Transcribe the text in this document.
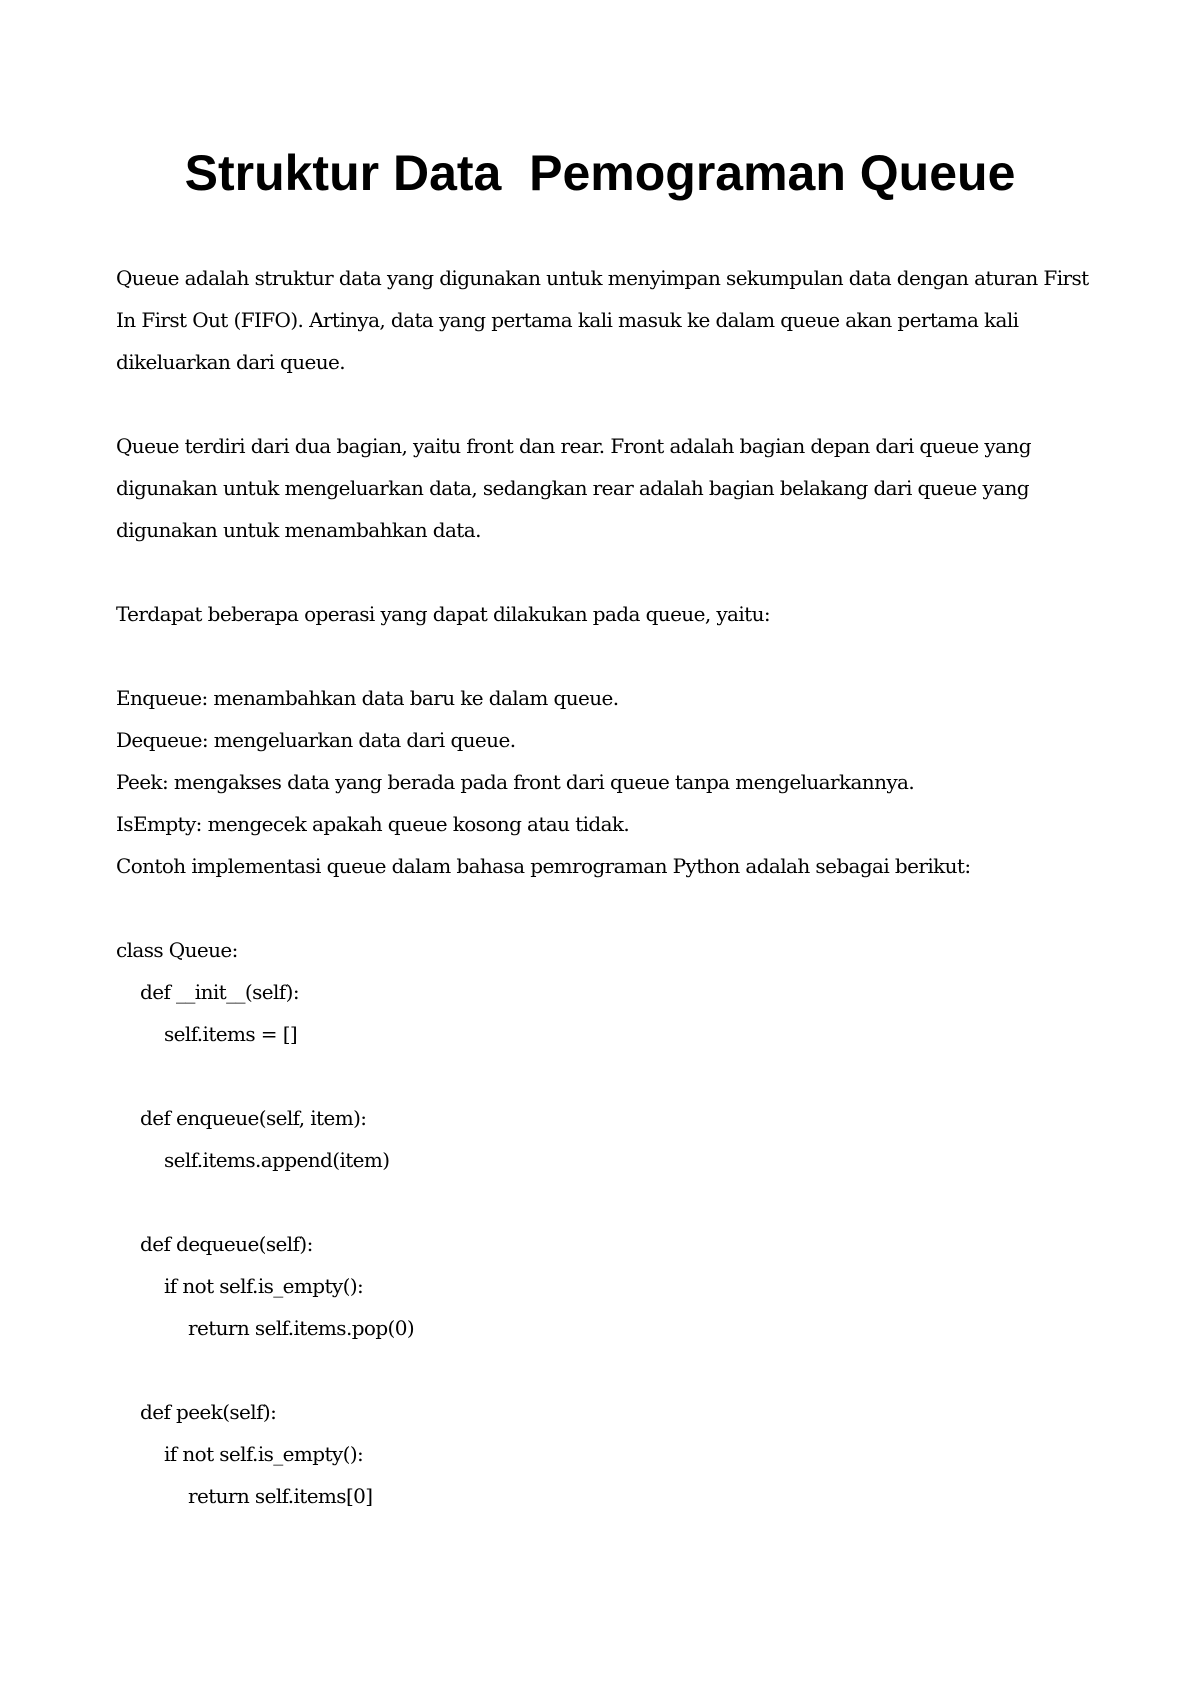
Struktur Data  Pemograman Queue

Queue adalah struktur data yang digunakan untuk menyimpan sekumpulan data dengan aturan First In First Out (FIFO). Artinya, data yang pertama kali masuk ke dalam queue akan pertama kali dikeluarkan dari queue.

Queue terdiri dari dua bagian, yaitu front dan rear. Front adalah bagian depan dari queue yang digunakan untuk mengeluarkan data, sedangkan rear adalah bagian belakang dari queue yang digunakan untuk menambahkan data.

Terdapat beberapa operasi yang dapat dilakukan pada queue, yaitu:

Enqueue: menambahkan data baru ke dalam queue.

Dequeue: mengeluarkan data dari queue.

Peek: mengakses data yang berada pada front dari queue tanpa mengeluarkannya.

IsEmpty: mengecek apakah queue kosong atau tidak.

Contoh implementasi queue dalam bahasa pemrograman Python adalah sebagai berikut:

class Queue:

def __init__(self):

self.items = []

def enqueue(self, item):

self.items.append(item)

def dequeue(self):

if not self.is_empty():

return self.items.pop(0)

def peek(self):

if not self.is_empty():

return self.items[0]
